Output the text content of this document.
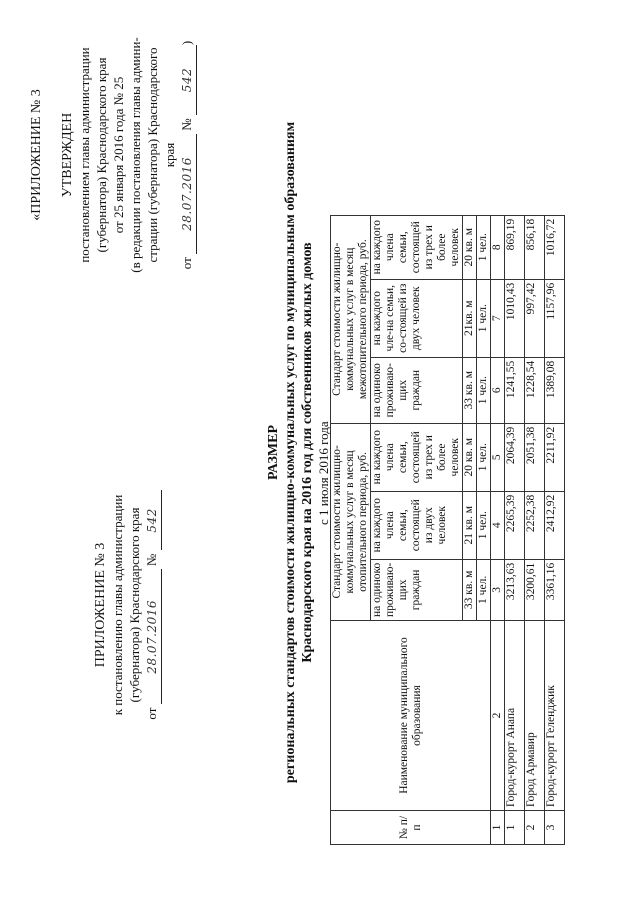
ПРИЛОЖЕНИЕ № 3 к постановлению главы администрации (губернатора) Краснодарского края
от 28.07.2016 № 542
«ПРИЛОЖЕНИЕ № 3 УТВЕРЖДЕН постановлением главы администрации (губернатора) Краснодарского края от 25 января 2016 года № 25 (в редакции постановления главы админи- страции (губернатора) Краснодарского края
от 28.07.2016 № 542)
РАЗМЕР региональных стандартов стоимости жилищно-коммунальных услуг по муниципальным образованиям Краснодарского края на 2016 год для собственников жилых домов с 1 июля 2016 года
№ п/п	Наименование муниципального образования	Стандарт стоимости жилищно-коммунальных услуг в месяц отопительного периода, руб.			Стандарт стоимости жилищно-коммунальных услуг в месяц межотопительного периода, руб.		
		на одиноко проживаю-щих граждан	на каждого члена семьи, состоящей из двух человек	на каждого члена семьи, состоящей из трех и более человек	на одиноко проживаю-щих граждан	на каждого чле-на семьи, со-стоящей из двух человек	на каждого члена семьи, состоящей из трех и более человек
		33 кв. м	21 кв. м	20 кв. м	33 кв. м	21кв. м	20 кв. м
		1 чел.	1 чел.	1 чел.	1 чел.	1 чел.	1 чел.
1	2	3	4	5	6	7	8
1	Город-курорт Анапа	3213,63	2265,39	2064,39	1241,55	1010,43	869,19
2	Город Армавир	3200,61	2252,38	2051,38	1228,54	997,42	856,18
3	Город-курорт Геленджик	3361,16	2412,92	2211,92	1389,08	1157,96	1016,72
